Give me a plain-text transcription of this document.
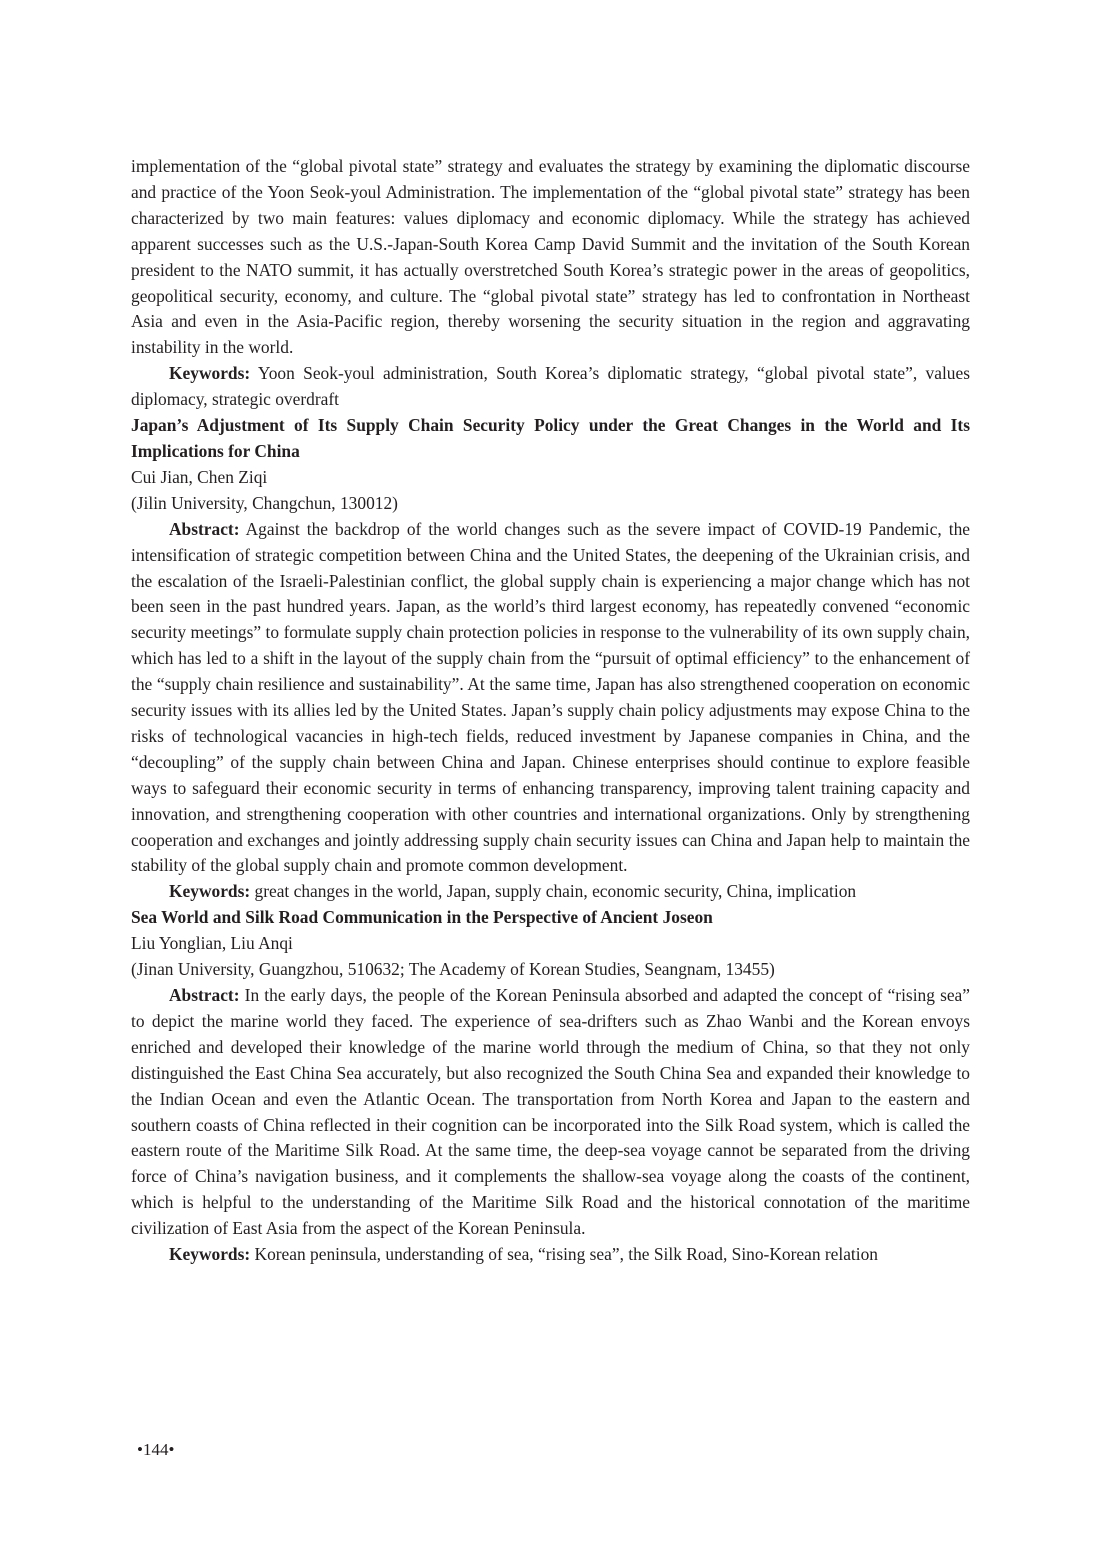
implementation of the “global pivotal state” strategy and evaluates the strategy by examining the diplomatic discourse and practice of the Yoon Seok-youl Administration. The implementation of the “global pivotal state” strategy has been characterized by two main features: values diplomacy and economic diplomacy. While the strategy has achieved apparent successes such as the U.S.-Japan-South Korea Camp David Summit and the invitation of the South Korean president to the NATO summit, it has actually overstretched South Korea’s strategic power in the areas of geopolitics, geopolitical security, economy, and culture. The “global pivotal state” strategy has led to confrontation in Northeast Asia and even in the Asia-Pacific region, thereby worsening the security situation in the region and aggravating instability in the world.

Keywords: Yoon Seok-youl administration, South Korea’s diplomatic strategy, “global pivotal state”, values diplomacy, strategic overdraft

Japan’s Adjustment of Its Supply Chain Security Policy under the Great Changes in the World and Its Implications for China

Cui Jian, Chen Ziqi

(Jilin University, Changchun, 130012)

Abstract: Against the backdrop of the world changes such as the severe impact of COVID-19 Pandemic, the intensification of strategic competition between China and the United States, the deepening of the Ukrainian crisis, and the escalation of the Israeli-Palestinian conflict, the global supply chain is experiencing a major change which has not been seen in the past hundred years. Japan, as the world’s third largest economy, has repeatedly convened “economic security meetings” to formulate supply chain protection policies in response to the vulnerability of its own supply chain, which has led to a shift in the layout of the supply chain from the “pursuit of optimal efficiency” to the enhancement of the “supply chain resilience and sustainability”. At the same time, Japan has also strengthened cooperation on economic security issues with its allies led by the United States. Japan’s supply chain policy adjustments may expose China to the risks of technological vacancies in high-tech fields, reduced investment by Japanese companies in China, and the “decoupling” of the supply chain between China and Japan. Chinese enterprises should continue to explore feasible ways to safeguard their economic security in terms of enhancing transparency, improving talent training capacity and innovation, and strengthening cooperation with other countries and international organizations. Only by strengthening cooperation and exchanges and jointly addressing supply chain security issues can China and Japan help to maintain the stability of the global supply chain and promote common development.

Keywords: great changes in the world, Japan, supply chain, economic security, China, implication

Sea World and Silk Road Communication in the Perspective of Ancient Joseon

Liu Yonglian, Liu Anqi

(Jinan University, Guangzhou, 510632; The Academy of Korean Studies, Seangnam, 13455)

Abstract: In the early days, the people of the Korean Peninsula absorbed and adapted the concept of “rising sea” to depict the marine world they faced. The experience of sea-drifters such as Zhao Wanbi and the Korean envoys enriched and developed their knowledge of the marine world through the medium of China, so that they not only distinguished the East China Sea accurately, but also recognized the South China Sea and expanded their knowledge to the Indian Ocean and even the Atlantic Ocean. The transportation from North Korea and Japan to the eastern and southern coasts of China reflected in their cognition can be incorporated into the Silk Road system, which is called the eastern route of the Maritime Silk Road. At the same time, the deep-sea voyage cannot be separated from the driving force of China’s navigation business, and it complements the shallow-sea voyage along the coasts of the continent, which is helpful to the understanding of the Maritime Silk Road and the historical connotation of the maritime civilization of East Asia from the aspect of the Korean Peninsula.

Keywords: Korean peninsula, understanding of sea, “rising sea”, the Silk Road, Sino-Korean relation

•144•
